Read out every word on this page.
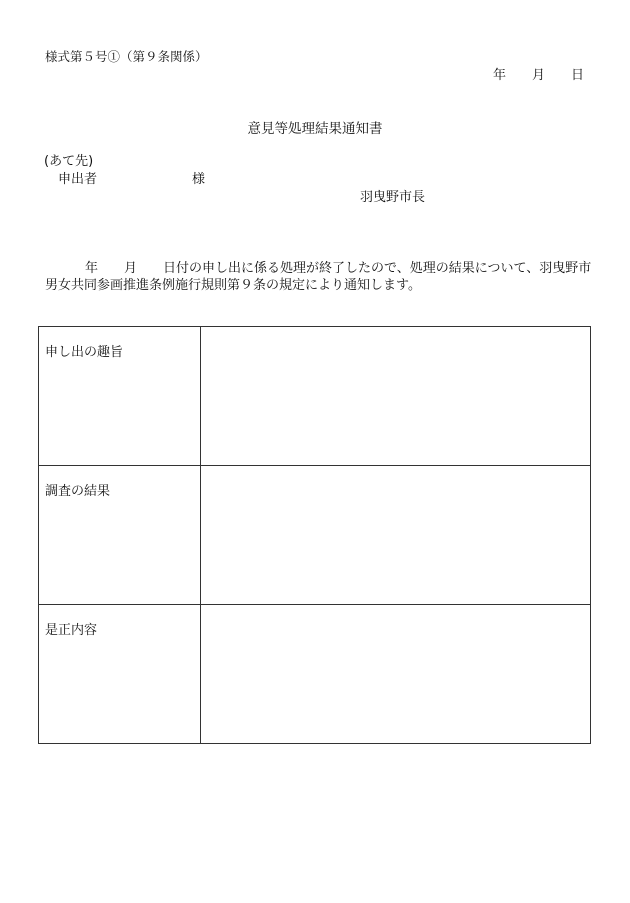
様式第５号①（第９条関係）
年 月 日
意見等処理結果通知書
(あて先)
申出者	様
羽曳野市長
年 月 日付の申し出に係る処理が終了したので、処理の結果について、羽曳野市男女共同参画推進条例施行規則第９条の規定により通知します。
申し出の趣旨	
調査の結果	
是正内容	
